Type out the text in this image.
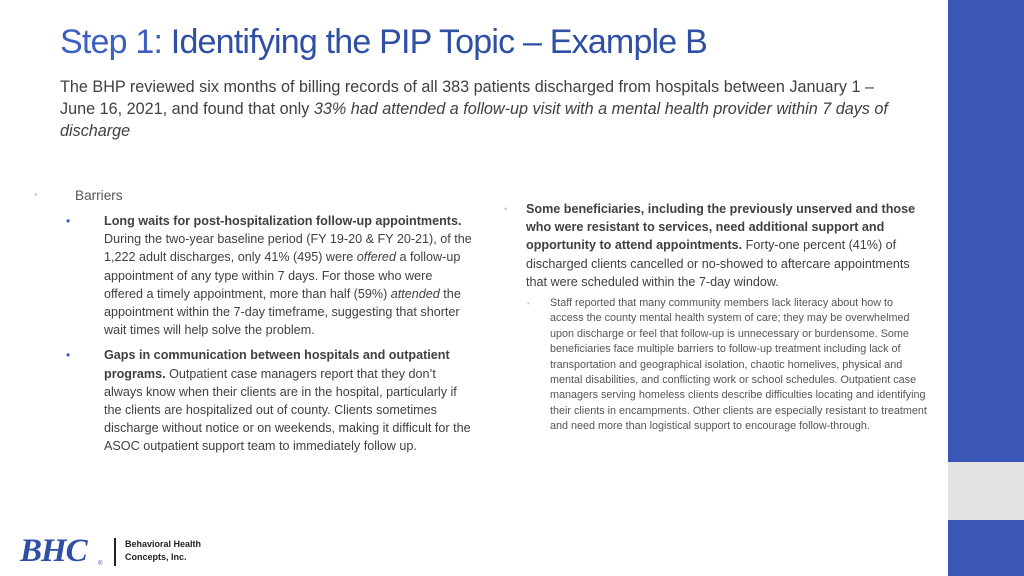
Step 1: Identifying the PIP Topic – Example B
The BHP reviewed six months of billing records of all 383 patients discharged from hospitals between January 1 – June 16, 2021, and found that only 33% had attended a follow-up visit with a mental health provider within 7 days of discharge
•	Barriers
•	Long waits for post-hospitalization follow-up appointments. During the two-year baseline period (FY 19-20 & FY 20-21), of the 1,222 adult discharges, only 41% (495) were offered a follow-up appointment of any type within 7 days. For those who were offered a timely appointment, more than half (59%) attended the appointment within the 7-day timeframe, suggesting that shorter wait times will help solve the problem.
•	Gaps in communication between hospitals and outpatient programs. Outpatient case managers report that they don’t always know when their clients are in the hospital, particularly if the clients are hospitalized out of county. Clients sometimes discharge without notice or on weekends, making it difficult for the ASOC outpatient support team to immediately follow up.
• Some beneficiaries, including the previously unserved and those who were resistant to services, need additional support and opportunity to attend appointments. Forty-one percent (41%) of discharged clients cancelled or no-showed to aftercare appointments that were scheduled within the 7-day window.
• Staff reported that many community members lack literacy about how to access the county mental health system of care; they may be overwhelmed upon discharge or feel that follow-up is unnecessary or burdensome. Some beneficiaries face multiple barriers to follow-up treatment including lack of transportation and geographical isolation, chaotic homelives, physical and mental disabilities, and conflicting work or school schedules. Outpatient case managers serving homeless clients describe difficulties locating and identifying their clients in encampments. Other clients are especially resistant to treatment and need more than logistical support to encourage follow-through.
BHC	®
Behavioral Health
Concepts, Inc.
